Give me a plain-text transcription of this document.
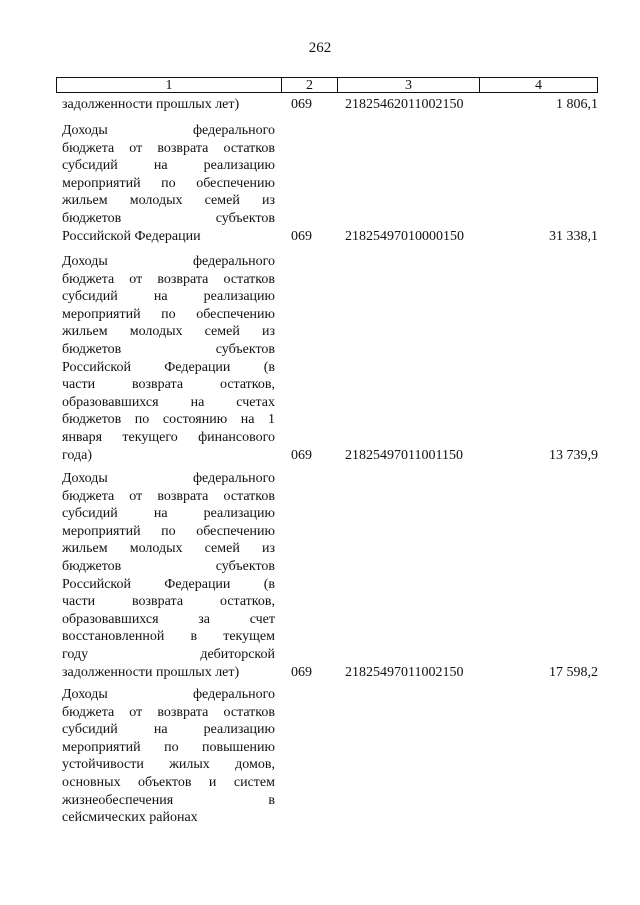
262
1	2	3	4
задолженности прошлых лет)	069	21825462011002150	1 806,1
Доходы федерального
бюджета от возврата остатков
субсидий на реализацию
мероприятий по обеспечению
жильем молодых семей из
бюджетов субъектов
Российской Федерации	069	21825497010000150	31 338,1
Доходы федерального
бюджета от возврата остатков
субсидий на реализацию
мероприятий по обеспечению
жильем молодых семей из
бюджетов субъектов
Российской Федерации (в
части возврата остатков,
образовавшихся на счетах
бюджетов по состоянию на 1
января текущего финансового
года)	069	21825497011001150	13 739,9
Доходы федерального
бюджета от возврата остатков
субсидий на реализацию
мероприятий по обеспечению
жильем молодых семей из
бюджетов субъектов
Российской Федерации (в
части возврата остатков,
образовавшихся за счет
восстановленной в текущем
году дебиторской
задолженности прошлых лет)	069	21825497011002150	17 598,2
Доходы федерального
бюджета от возврата остатков
субсидий на реализацию
мероприятий по повышению
устойчивости жилых домов,
основных объектов и систем
жизнеобеспечения в
сейсмических районах
